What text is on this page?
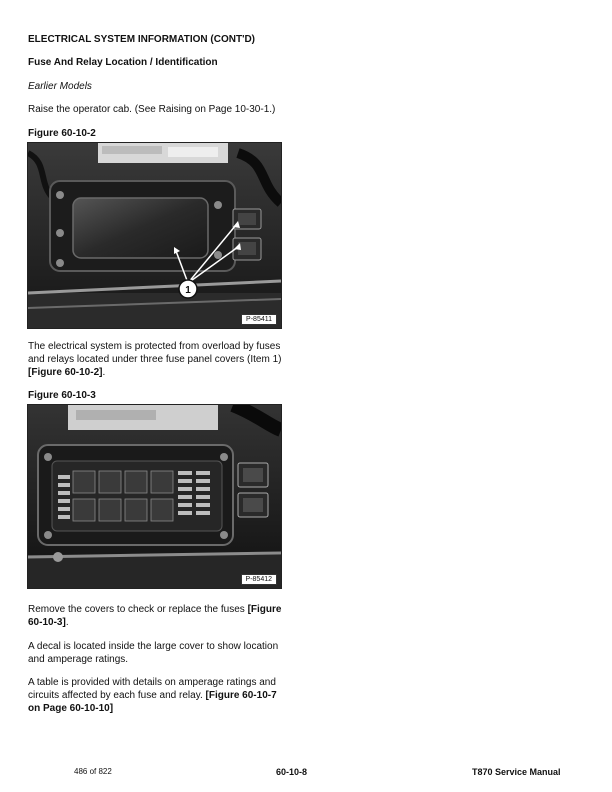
ELECTRICAL SYSTEM INFORMATION (CONT'D)
Fuse And Relay Location / Identification
Earlier Models
Raise the operator cab. (See Raising on Page 10-30-1.)
Figure 60-10-2
1
P-85411
The electrical system is protected from overload by fuses and relays located under three fuse panel covers (Item 1) [Figure 60-10-2].
Figure 60-10-3
P-85412
Remove the covers to check or replace the fuses [Figure 60-10-3].
A decal is located inside the large cover to show location and amperage ratings.
A table is provided with details on amperage ratings and circuits affected by each fuse and relay. [Figure 60-10-7 on Page 60-10-10]
486 of 822	60-10-8	T870 Service Manual
